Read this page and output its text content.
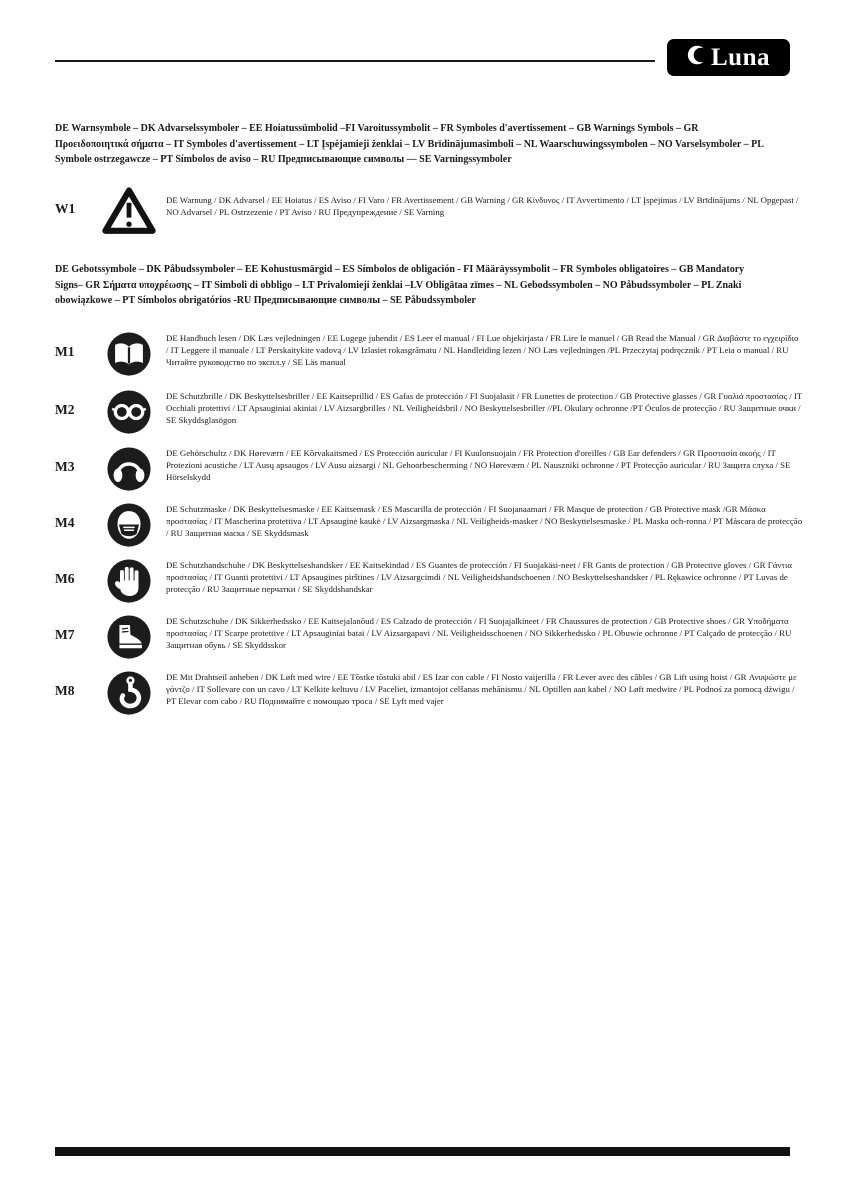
Luna

DE Warnsymbole – DK Advarselssymboler – EE Hoiatussümbolid –FI Varoitussymbolit – FR Symboles d'avertissement – GB Warnings Symbols – GR Προειδοποιητικά σήματα – IT Symboles d'avertissement – LT Įspėjamieji ženklai – LV Brīdinājumasimboli – NL Waarschuwingssymbolen – NO Varselsymboler – PL Symbole ostrzegawcze – PT Símbolos de aviso – RU Предписывающие символы — SE Varningssymboler

W1
DE Warnung / DK Advarsel / EE Hoiatus / ES Aviso / FI Varo / FR Avertissement / GB Warning / GR Κίνδυνος / IT Avvertimento / LT Įspėjimas / LV Brīdinājums / NL Opgepast / NO Advarsel / PL Ostrzezenie / PT Aviso / RU Предупреждение / SE Varning

DE Gebotssymbole – DK Påbudssymboler – EE Kohustusmärgid – ES Símbolos de obligación - FI Määräyssymbolit – FR Symboles obligatoires – GB Mandatory Signs– GR Σήματα υποχρέωσης – IT Simboli di obbligo – LT Privalomieji ženklai –LV Obligātaa zīmes – NL Gebodssymbolen – NO Påbudssymboler – PL Znaki obowiązkowe – PT Símbolos obrigatórios -RU Предписывающие символы – SE Påbudssymboler

M1
DE Handbuch lesen / DK Læs vejledningen / EE Lugege juhendit / ES Leer el manual / FI Lue ohjekirjasta / FR Lire le manuel / GB Read the Manual / GR Διαβάστε το εγχειρίδιο / IT Leggere il manuale / LT Perskaitykite vadovą / LV Izlasiet rokasgrāmatu / NL Handleiding lezen / NO Læs vejledningen /PL Przeczytaj podręcznik / PT Leia o manual / RU Читайте руководство по экспл.у / SE Läs manual
M2
DE Schutzbrille / DK Beskyttelsesbriller / EE Kaitseprillid / ES Gafas de protección / FI Suojalasit / FR Lunettes de protection / GB Protective glasses / GR Γυαλιά προστασίας / IT Occhiali protettivi / LT Apsauginiai akiniai / LV Aizsargbrilles / NL Veiligheidsbril / NO Beskyttelsesbriller //PL Okulary ochronne /PT Óculos de protecção / RU Защитные очки / SE Skyddsglasögon
M3
DE Gehörschultz / DK Høreværn / EE Kõrvakaitsmed / ES Protección auricular / FI Kuulonsuojain / FR Protection d'oreilles / GB Ear defenders / GR Προστασία ακοής / IT Protezioni acustiche / LT Ausų apsaugos / LV Ausu aizsargi / NL Gehoorbescherming / NO Høreværn / PL Nauszniki ochronne / PT Protecção auricular / RU Защита слуха / SE Hörselskydd
M4
DE Schutzmaske / DK Beskyttelsesmaske / EE Kaitsemask / ES Mascarilla de protección / FI Suojanaamari / FR Masque de protection / GB Protective mask /GR Μάσκα προστασίας / IT Mascherina protettiva / LT Apsauginė kaukė / LV Aizsargmaska / NL Veiligheids-masker / NO Beskyttelsesmaske / PL Maska och-ronna / PT Máscara de protecção / RU Защитная маска / SE Skyddsmask
M6
DE Schutzhandschuhe / DK Beskyttelseshandsker / EE Kaitsekindad / ES Guantes de protección / FI Suojakäsi-neet / FR Gants de protection / GB Protective gloves / GR Γάντια προστασίας / IT Guanti protettivi / LT Apsaugines pirštines / LV Aizsargcimdi / NL Veiligheidshandschoenen / NO Beskyttelseshandsker / PL Rękawice ochronne / PT Luvas de protecção / RU Защитные перчатки / SE Skyddshandskar
M7
DE Schutzschuhe / DK Sikkerhedssko / EE Kaitsejalanõud / ES Calzado de protección / FI Suojajalkineet / FR Chaussures de protection / GB Protective shoes / GR Υποδήματα προστασίας / IT Scarpe protettive / LT Apsauginiai batai / LV Aizsargapavi / NL Veiligheidsschoenen / NO Sikkerhedssko / PL Obuwie ochronne / PT Calçado de protecção / RU Защитная обувь / SE Skyddsskor
M8
DE Mit Drahtseil anheben / DK Løft med wire / EE Tõstke tõstuki abil / ES Izar con cable / FI Nosto vaijerilla / FR Lever avec des câbles / GB Lift using hoist / GR Ανυψώστε με γάντζο / IT Sollevare con un cavo / LT Kelkite keltuvu / LV Paceliet, izmantojot celšanas mehānismu / NL Optillen aan kabel / NO Løft medwire / PL Podnoś za pomocą dźwigu / PT Elevar com cabo / RU Поднимайте с помощью троса / SE Lyft med vajer
